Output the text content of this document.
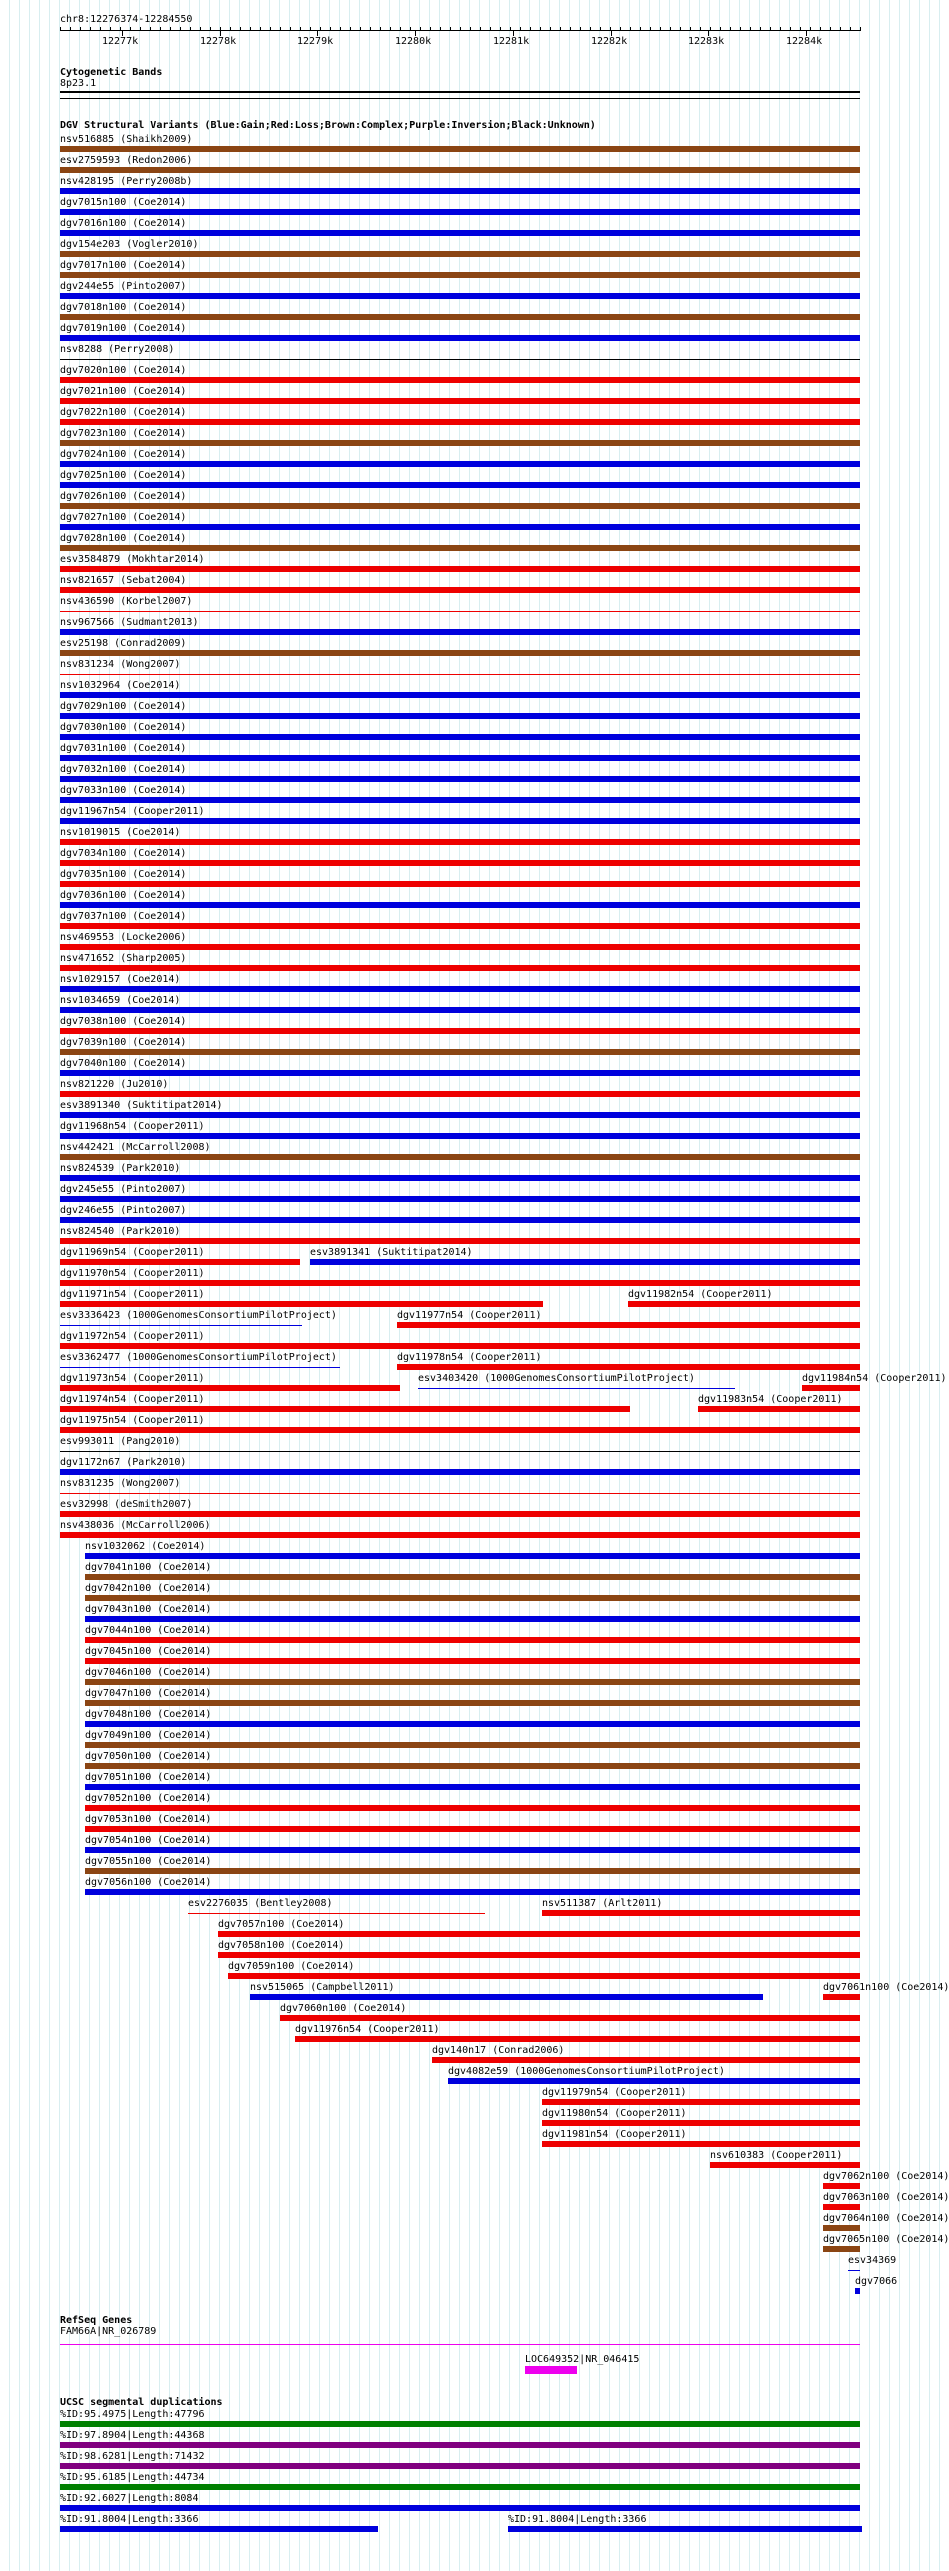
chr8:12276374-12284550
Cytogenetic Bands
8p23.1
DGV Structural Variants (Blue:Gain;Red:Loss;Brown:Complex;Purple:Inversion;Black:Unknown)
RefSeq Genes
FAM66A|NR_026789
LOC649352|NR_046415
UCSC segmental duplications
12277k	12278k	12279k	12280k	12281k	12282k	12283k	12284k
nsv516885 (Shaikh2009)
esv2759593 (Redon2006)
nsv428195 (Perry2008b)
dgv7015n100 (Coe2014)
dgv7016n100 (Coe2014)
dgv154e203 (Vogler2010)
dgv7017n100 (Coe2014)
dgv244e55 (Pinto2007)
dgv7018n100 (Coe2014)
dgv7019n100 (Coe2014)
nsv8288 (Perry2008)
dgv7020n100 (Coe2014)
dgv7021n100 (Coe2014)
dgv7022n100 (Coe2014)
dgv7023n100 (Coe2014)
dgv7024n100 (Coe2014)
dgv7025n100 (Coe2014)
dgv7026n100 (Coe2014)
dgv7027n100 (Coe2014)
dgv7028n100 (Coe2014)
esv3584879 (Mokhtar2014)
nsv821657 (Sebat2004)
nsv436590 (Korbel2007)
nsv967566 (Sudmant2013)
esv25198 (Conrad2009)
nsv831234 (Wong2007)
nsv1032964 (Coe2014)
dgv7029n100 (Coe2014)
dgv7030n100 (Coe2014)
dgv7031n100 (Coe2014)
dgv7032n100 (Coe2014)
dgv7033n100 (Coe2014)
dgv11967n54 (Cooper2011)
nsv1019015 (Coe2014)
dgv7034n100 (Coe2014)
dgv7035n100 (Coe2014)
dgv7036n100 (Coe2014)
dgv7037n100 (Coe2014)
nsv469553 (Locke2006)
nsv471652 (Sharp2005)
nsv1029157 (Coe2014)
nsv1034659 (Coe2014)
dgv7038n100 (Coe2014)
dgv7039n100 (Coe2014)
dgv7040n100 (Coe2014)
nsv821220 (Ju2010)
esv3891340 (Suktitipat2014)
dgv11968n54 (Cooper2011)
nsv442421 (McCarroll2008)
nsv824539 (Park2010)
dgv245e55 (Pinto2007)
dgv246e55 (Pinto2007)
nsv824540 (Park2010)
dgv11969n54 (Cooper2011)	esv3891341 (Suktitipat2014)
dgv11970n54 (Cooper2011)
dgv11971n54 (Cooper2011)	dgv11982n54 (Cooper2011)
esv3336423 (1000GenomesConsortiumPilotProject)	dgv11977n54 (Cooper2011)
dgv11972n54 (Cooper2011)
esv3362477 (1000GenomesConsortiumPilotProject)	dgv11978n54 (Cooper2011)
dgv11973n54 (Cooper2011)	esv3403420 (1000GenomesConsortiumPilotProject)	dgv11984n54 (Cooper2011)
dgv11974n54 (Cooper2011)	dgv11983n54 (Cooper2011)
dgv11975n54 (Cooper2011)
esv993011 (Pang2010)
dgv1172n67 (Park2010)
nsv831235 (Wong2007)
esv32998 (deSmith2007)
nsv438036 (McCarroll2006)
nsv1032062 (Coe2014)
dgv7041n100 (Coe2014)
dgv7042n100 (Coe2014)
dgv7043n100 (Coe2014)
dgv7044n100 (Coe2014)
dgv7045n100 (Coe2014)
dgv7046n100 (Coe2014)
dgv7047n100 (Coe2014)
dgv7048n100 (Coe2014)
dgv7049n100 (Coe2014)
dgv7050n100 (Coe2014)
dgv7051n100 (Coe2014)
dgv7052n100 (Coe2014)
dgv7053n100 (Coe2014)
dgv7054n100 (Coe2014)
dgv7055n100 (Coe2014)
dgv7056n100 (Coe2014)
esv2276035 (Bentley2008)	nsv511387 (Arlt2011)
dgv7057n100 (Coe2014)
dgv7058n100 (Coe2014)
dgv7059n100 (Coe2014)
nsv515065 (Campbell2011)	dgv7061n100 (Coe2014)
dgv7060n100 (Coe2014)
dgv11976n54 (Cooper2011)
dgv140n17 (Conrad2006)
dgv4082e59 (1000GenomesConsortiumPilotProject)
dgv11979n54 (Cooper2011)
dgv11980n54 (Cooper2011)
dgv11981n54 (Cooper2011)
nsv610383 (Cooper2011)
dgv7062n100 (Coe2014)
dgv7063n100 (Coe2014)
dgv7064n100 (Coe2014)
dgv7065n100 (Coe2014)
esv34369
dgv7066
%ID:95.4975|Length:47796
%ID:97.8904|Length:44368
%ID:98.6281|Length:71432
%ID:95.6185|Length:44734
%ID:92.6027|Length:8084
%ID:91.8004|Length:3366	%ID:91.8004|Length:3366
